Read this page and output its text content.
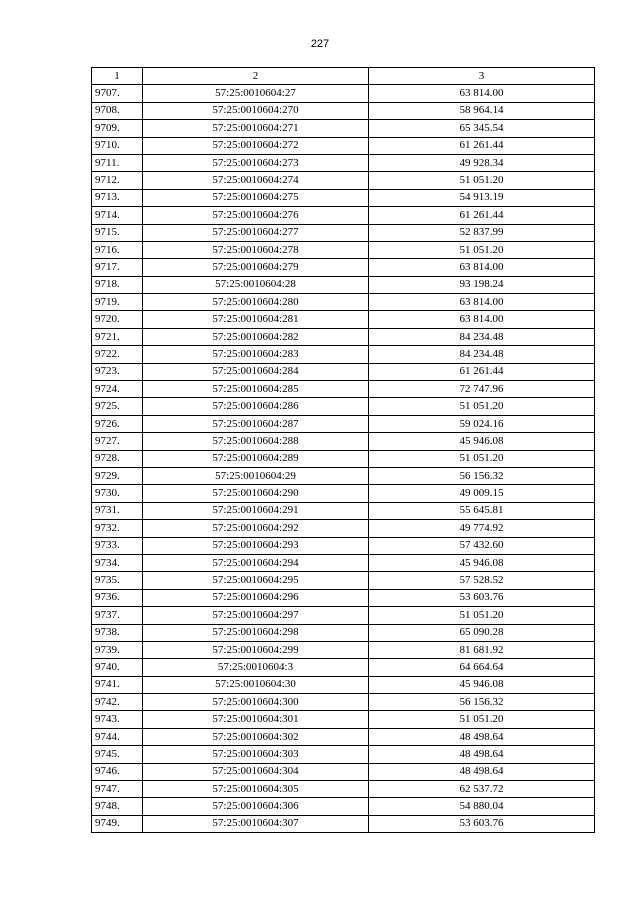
227
1	2	3
9707.	57:25:0010604:27	63 814.00
9708.	57:25:0010604:270	58 964.14
9709.	57:25:0010604:271	65 345.54
9710.	57:25:0010604:272	61 261.44
9711.	57:25:0010604:273	49 928.34
9712.	57:25:0010604:274	51 051.20
9713.	57:25:0010604:275	54 913.19
9714.	57:25:0010604:276	61 261.44
9715.	57:25:0010604:277	52 837.99
9716.	57:25:0010604:278	51 051.20
9717.	57:25:0010604:279	63 814.00
9718.	57:25:0010604:28	93 198.24
9719.	57:25:0010604:280	63 814.00
9720.	57:25:0010604:281	63 814.00
9721.	57:25:0010604:282	84 234.48
9722.	57:25:0010604:283	84 234.48
9723.	57:25:0010604:284	61 261.44
9724.	57:25:0010604:285	72 747.96
9725.	57:25:0010604:286	51 051.20
9726.	57:25:0010604:287	59 024.16
9727.	57:25:0010604:288	45 946.08
9728.	57:25:0010604:289	51 051.20
9729.	57:25:0010604:29	56 156.32
9730.	57:25:0010604:290	49 009.15
9731.	57:25:0010604:291	55 645.81
9732.	57:25:0010604:292	49 774.92
9733.	57:25:0010604:293	57 432.60
9734.	57:25:0010604:294	45 946.08
9735.	57:25:0010604:295	57 528.52
9736.	57:25:0010604:296	53 603.76
9737.	57:25:0010604:297	51 051.20
9738.	57:25:0010604:298	65 090.28
9739.	57:25:0010604:299	81 681.92
9740.	57:25:0010604:3	64 664.64
9741.	57:25:0010604:30	45 946.08
9742.	57:25:0010604:300	56 156.32
9743.	57:25:0010604:301	51 051.20
9744.	57:25:0010604:302	48 498.64
9745.	57:25:0010604:303	48 498.64
9746.	57:25:0010604:304	48 498.64
9747.	57:25:0010604:305	62 537.72
9748.	57:25:0010604:306	54 880.04
9749.	57:25:0010604:307	53 603.76
